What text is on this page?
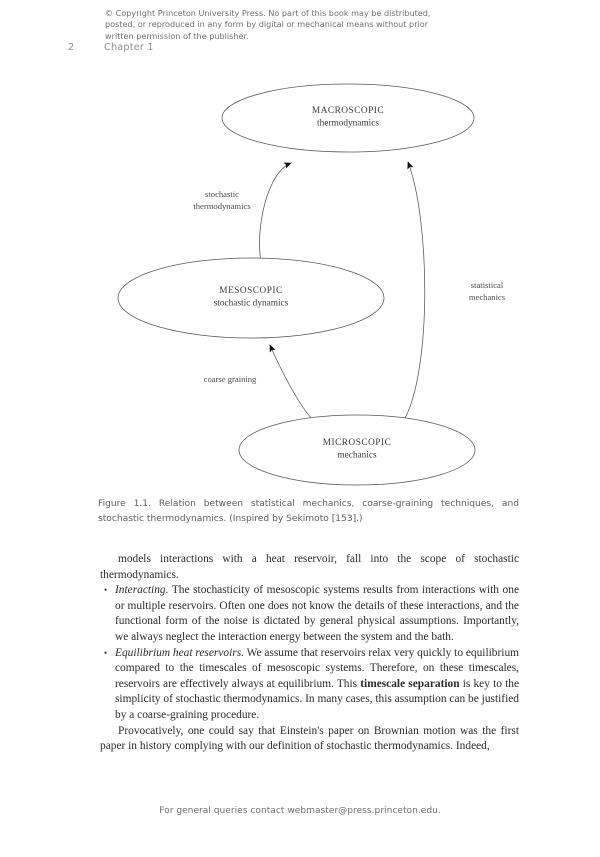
© Copyright Princeton University Press. No part of this book may be distributed, posted, or reproduced in any form by digital or mechanical means without prior written permission of the publisher.
2	Chapter 1
MACROSCOPIC
thermodynamics
MESOSCOPIC
stochastic dynamics
MICROSCOPIC
mechanics
stochastic
thermodynamics
statistical
mechanics
coarse graining
Figure 1.1. Relation between statistical mechanics, coarse-graining techniques, and stochastic thermodynamics. (Inspired by Sekimoto [153].)

models interactions with a heat reservoir, fall into the scope of stochastic thermodynamics.

• Interacting. The stochasticity of mesoscopic systems results from interactions with one or multiple reservoirs. Often one does not know the details of these interactions, and the functional form of the noise is dictated by general physical assumptions. Importantly, we always neglect the interaction energy between the system and the bath.
• Equilibrium heat reservoirs. We assume that reservoirs relax very quickly to equilibrium compared to the timescales of mesoscopic systems. Therefore, on these timescales, reservoirs are effectively always at equilibrium. This timescale separation is key to the simplicity of stochastic thermodynamics. In many cases, this assumption can be justified by a coarse-graining procedure.

Provocatively, one could say that Einstein's paper on Brownian motion was the first paper in history complying with our definition of stochastic thermodynamics. Indeed,

For general queries contact webmaster@press.princeton.edu.
